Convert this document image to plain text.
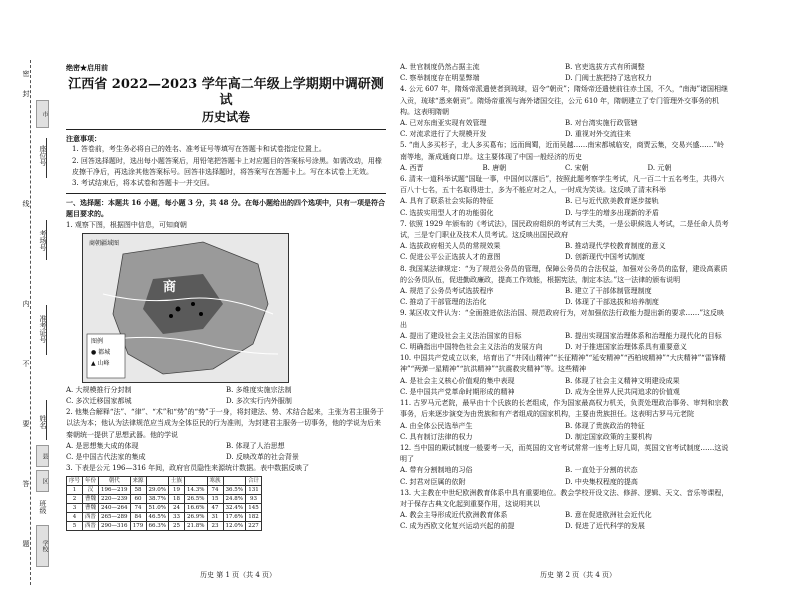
密
封
线
内
不
要
答
题
座位号
考场号
准考证号
姓名
班级
市
县
区
学校
绝密★启用前
江西省 2022—2023 学年高二年级上学期期中调研测试
历史试卷
注意事项：
1. 答卷前，考生务必将自己的姓名、准考证号等填写在答题卡和试卷指定位置上。
2. 回答选择题时，选出每小题答案后，用铅笔把答题卡上对应题目的答案标号涂黑。如需改动，用橡皮擦干净后，再选涂其他答案标号。回答非选择题时，将答案写在答题卡上。写在本试卷上无效。
3. 考试结束后，将本试卷和答题卡一并交回。
一、选择题：本题共 16 小题，每小题 3 分，共 48 分。在每小题给出的四个选项中，只有一项是符合题目要求的。
1. 观察下图，根据图中信息，可知商朝
商朝疆域图
商
图例
● 都城
▲ 山峰
A. 大规模推行分封制	B. 多维度实施宗法制
C. 多次迁移国家都城	D. 多次实行内外服制
2. 他集合解释“法”、“律”、“术”和“势”的“势”于一身，将封建法、势、术结合起来，主张为君主服务于以法为本；他认为法律规范应当成为全体臣民的行为准则，为封建君主服务一切事务，他的学说为后来秦朝统一提供了思想武器。他的学说
A. 是思想集大成的体现	B. 体现了人治思想
C. 是中国古代法家的集成	D. 反映改革的社会背景
3. 下表是公元 196—316 年间，政府官员隐性来源统计数据。表中数据反映了
序号	年份	朝代	来源		士族		寒族		合计
1	汉	196—219	58	29.0%	19	14.3%	74	36.5%	131
2	曹魏	220—239	60	38.7%	18	26.5%	15	24.8%	93
3	曹魏	240—264	74	51.0%	24	16.6%	47	32.4%	145
4	西晋	265—289	84	46.5%	33	26.9%	31	17.6%	182
5	西晋	290—316	179	66.3%	25	21.8%	23	12.0%	227
历史 第 1 页（共 4 页）
A. 世官制度仍然占据主流	B. 官吏选拔方式有所调整
C. 察举制度存在明显弊端	D. 门阀士族把持了选官权力
4. 公元 607 年，隋炀帝派遣使者到琉球，诏令“朝贡”；隋炀帝还遣使前往赤土国，不久，“南海”诸国相继入贡，琉球“悉来朝贡”。隋炀帝重视与海外诸国交往，公元 610 年，隋朝建立了专门管理外交事务的机构。这表明隋朝
A. 已对东南亚实现有效管理	B. 对台湾实施行政管辖
C. 对流求进行了大规模开发	D. 重视对外交流往来
5. “南人多买杉子，北人多买葛布；远而闽蜀，近而吴越……南宋都城临安，商贾云集，交易兴盛……”岭南等地，渐成通商口岸。这主要体现了中国一般经济的历史
A. 西晋	B. 唐朝	C. 宋朝	D. 元朝
6. 清末一道科举试题“国耻一事，中国何以落后”，按照此题考察学生考试，凡一百二十五名考生，共得六百八十七名，五十名取得进士，多为不能应对之人，一时成为笑谈。这反映了清末科举
A. 具有了联系社会实际的特征	B. 已与近代欧美教育逐步接轨
C. 选拔实用型人才的功能弱化	D. 与学生的增多出现新的矛盾
7. 依照 1929 年颁布的《考试法》，国民政府组织的考试有三大类，一是公职候选人考试，二是任命人员考试，三是专门职业及技术人员考试。这反映出国民政府
A. 选拔政府相关人员的常规效果	B. 推动现代学校教育制度的意义
C. 促进公平公正选拔人才的意图	D. 创新现代中国考试制度
8. 我国某法律规定：“为了规范公务员的管理，保障公务员的合法权益，加强对公务员的监督，建设高素质的公务员队伍，促进勤政廉政，提高工作效能，根据宪法，制定本法。”这一法律的颁布说明
A. 规范了公务员考试选拔程序	B. 建立了干部体制管理制度
C. 推动了干部管理的法治化	D. 体现了干部选拔和培养制度
9. 某区收文件认为：“全面推进依法治国、规范政府行为，对加强依法行政能力提出新的要求……”这反映出
A. 提出了建设社会主义法治国家的目标	B. 提出实现国家治理体系和治理能力现代化的目标
C. 明确指出中国特色社会主义法治的发展方向	D. 对于推进国家治理体系具有重要意义
10. 中国共产党成立以来，培育出了“井冈山精神”“长征精神”“延安精神”“西柏坡精神”“大庆精神”“雷锋精神”“两弹一星精神”“抗洪精神”“抗震救灾精神”等。这些精神
A. 是社会主义核心价值观的集中表现	B. 体现了社会主义精神文明建设成果
C. 是中国共产党革命时期形成的精神	D. 成为全世界人民共同追求的价值观
11. 古罗马元老院，最早由十个氏族的长老组成，作为国家最高权力机关，负责处理政治事务、审判和宗教事务，后来逐步演变为由贵族和有产者组成的国家机构，主要由贵族担任。这表明古罗马元老院
A. 由全体公民选举产生	B. 体现了贵族政治的特征
C. 具有制订法律的权力	D. 制定国家政策的主要机构
12. 当中国的殿试制度一般要考一天，而英国的文官考试常常一连考上好几周，英国文官考试制度……这说明了
A. 带有分割制地的习俗	B. 一直处于分割的状态
C. 封君对臣属的依附	D. 中央集权程度的提高
13. 大主教在中世纪欧洲教育体系中具有重要地位。教会学校开设文法、修辞、逻辑、天文、音乐等课程，对于保存古典文化起到重要作用，这说明其以
A. 教会主导形成近代欧洲教育体系	B. 意在促进欧洲社会近代化
C. 成为西欧文化复兴运动兴起的前提	D. 促进了近代科学的发展
历史 第 2 页（共 4 页）
